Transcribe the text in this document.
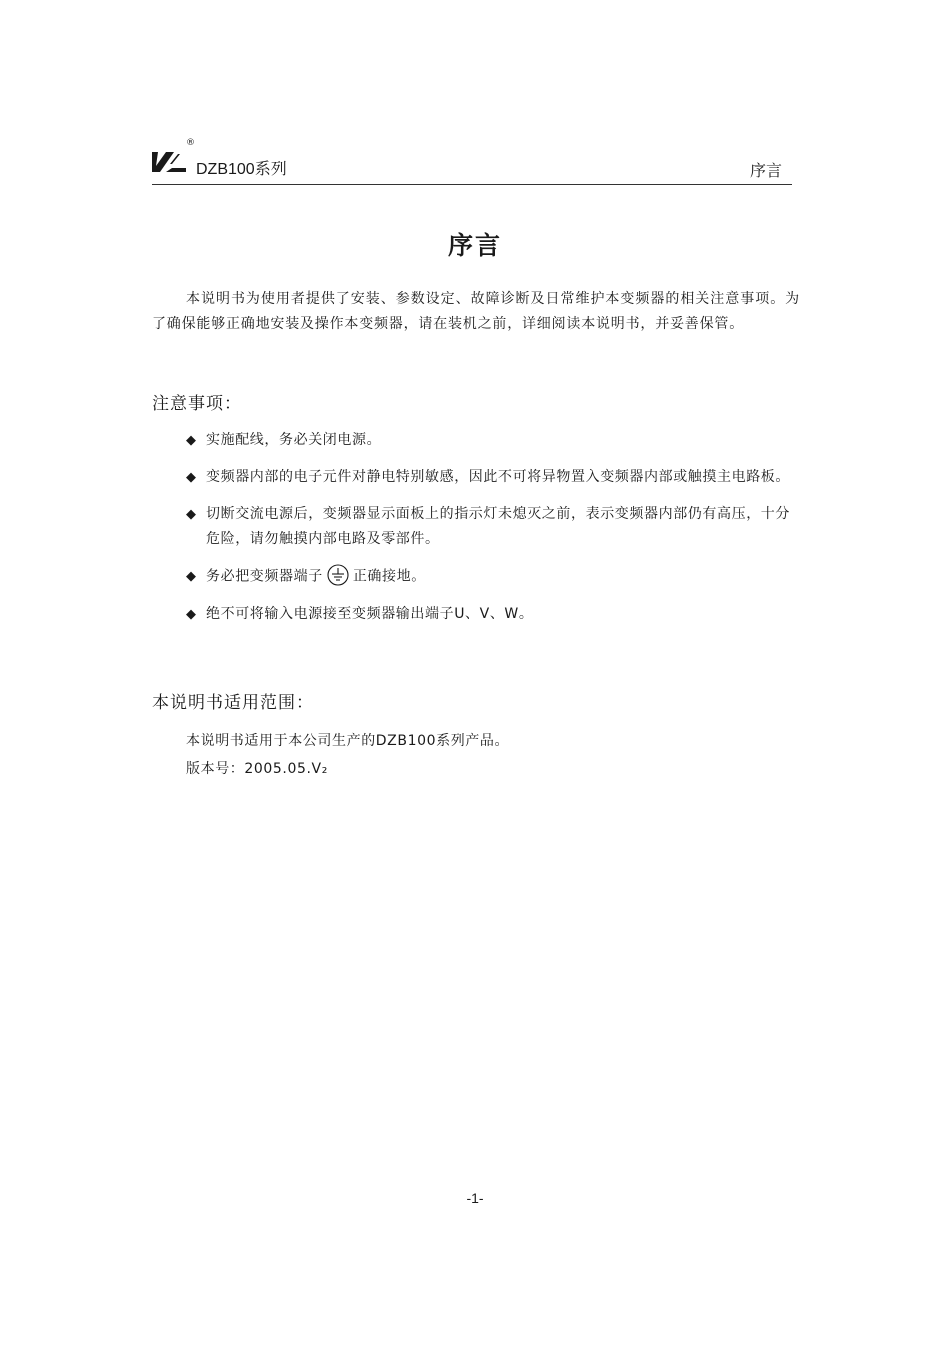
®
DZB100系列	序言
序言

本说明书为使用者提供了安装、参数设定、故障诊断及日常维护本变频器的相关注意事项。为了确保能够正确地安装及操作本变频器，请在装机之前，详细阅读本说明书，并妥善保管。

注意事项：
◆ 实施配线，务必关闭电源。
◆ 变频器内部的电子元件对静电特别敏感，因此不可将异物置入变频器内部或触摸主电路板。
◆ 切断交流电源后，变频器显示面板上的指示灯未熄灭之前，表示变频器内部仍有高压，十分危险，请勿触摸内部电路及零部件。
◆ 务必把变频器端子 正确接地。
◆ 绝不可将输入电源接至变频器输出端子U、V、W。
本说明书适用范围：
本说明书适用于本公司生产的DZB100系列产品。
版本号：2005.05.V₂
-1-
